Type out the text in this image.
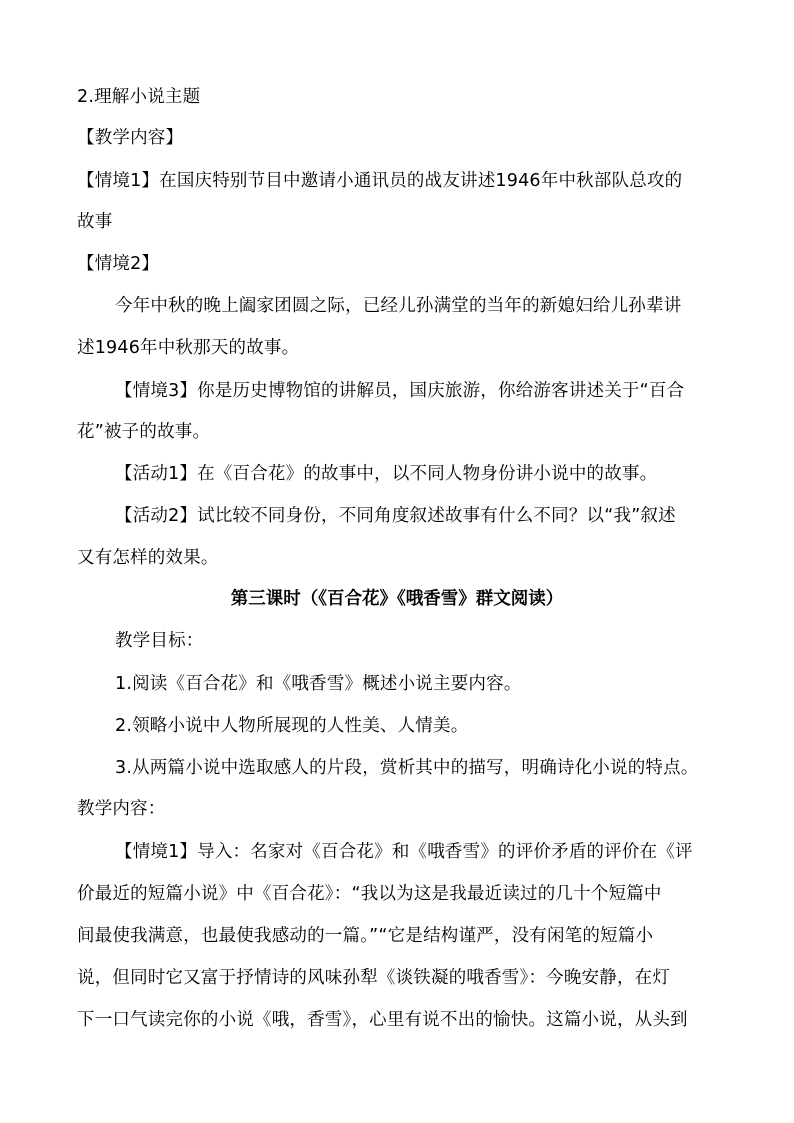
2.理解小说主题
【教学内容】
【情境1】在国庆特别节目中邀请小通讯员的战友讲述1946年中秋部队总攻的
故事
【情境2】
今年中秋的晚上阖家团圆之际，已经儿孙满堂的当年的新媳妇给儿孙辈讲
述1946年中秋那天的故事。
【情境3】你是历史博物馆的讲解员，国庆旅游，你给游客讲述关于“百合
花”被子的故事。
【活动1】在《百合花》的故事中，以不同人物身份讲小说中的故事。
【活动2】试比较不同身份，不同角度叙述故事有什么不同？以“我”叙述
又有怎样的效果。
第三课时（《百合花》《哦香雪》群文阅读）
教学目标：
1.阅读《百合花》和《哦香雪》概述小说主要内容。
2.领略小说中人物所展现的人性美、人情美。
3.从两篇小说中选取感人的片段，赏析其中的描写，明确诗化小说的特点。
教学内容：
【情境1】导入：名家对《百合花》和《哦香雪》的评价矛盾的评价在《评
价最近的短篇小说》中《百合花》：“我以为这是我最近读过的几十个短篇中
间最使我满意，也最使我感动的一篇。”“它是结构谨严，没有闲笔的短篇小
说，但同时它又富于抒情诗的风味孙犁《谈铁凝的哦香雪》：今晚安静，在灯
下一口气读完你的小说《哦，香雪》，心里有说不出的愉快。这篇小说，从头到
